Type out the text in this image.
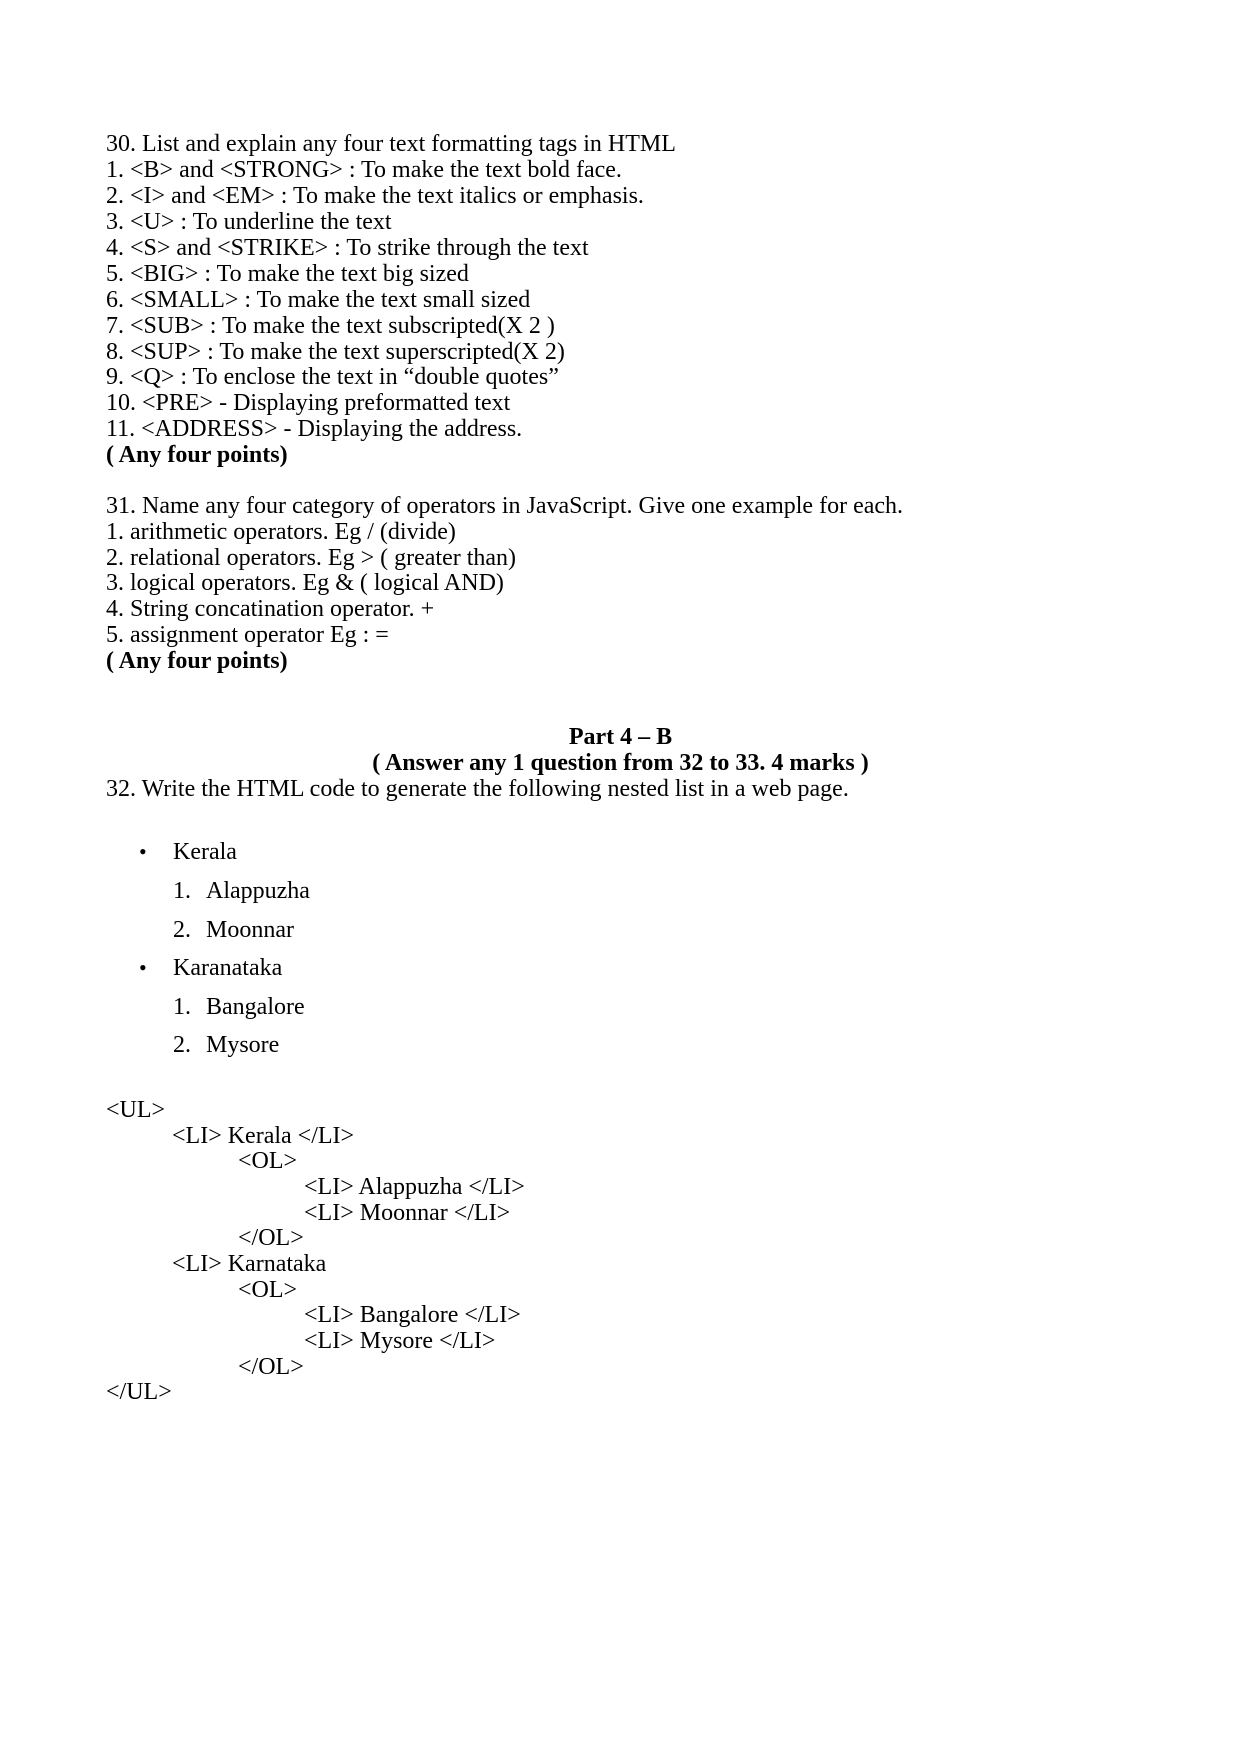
30. List and explain any four text formatting tags in HTML
1. <B> and <STRONG> : To make the text bold face.
2. <I> and <EM> : To make the text italics or emphasis.
3. <U> : To underline the text
4. <S> and <STRIKE> : To strike through the text
5. <BIG> : To make the text big sized
6. <SMALL> : To make the text small sized
7. <SUB> : To make the text subscripted(X 2 )
8. <SUP> : To make the text superscripted(X 2)
9. <Q> : To enclose the text in “double quotes”
10. <PRE> - Displaying preformatted text
11. <ADDRESS> - Displaying the address.
( Any four points)
31. Name any four category of operators in JavaScript. Give one example for each.
1. arithmetic operators. Eg / (divide)
2. relational operators. Eg > ( greater than)
3. logical operators. Eg & ( logical AND)
4. String concatination operator. +
5. assignment operator Eg : =
( Any four points)
Part 4 – B
( Answer any 1 question from 32 to 33. 4 marks )
32. Write the HTML code to generate the following nested list in a web page.
• Kerala
1. Alappuzha
2. Moonnar
• Karanataka
1. Bangalore
2. Mysore
<UL>
<LI> Kerala </LI>
<OL>
<LI> Alappuzha </LI>
<LI> Moonnar </LI>
</OL>
<LI> Karnataka
<OL>
<LI> Bangalore </LI>
<LI> Mysore </LI>
</OL>
</UL>
